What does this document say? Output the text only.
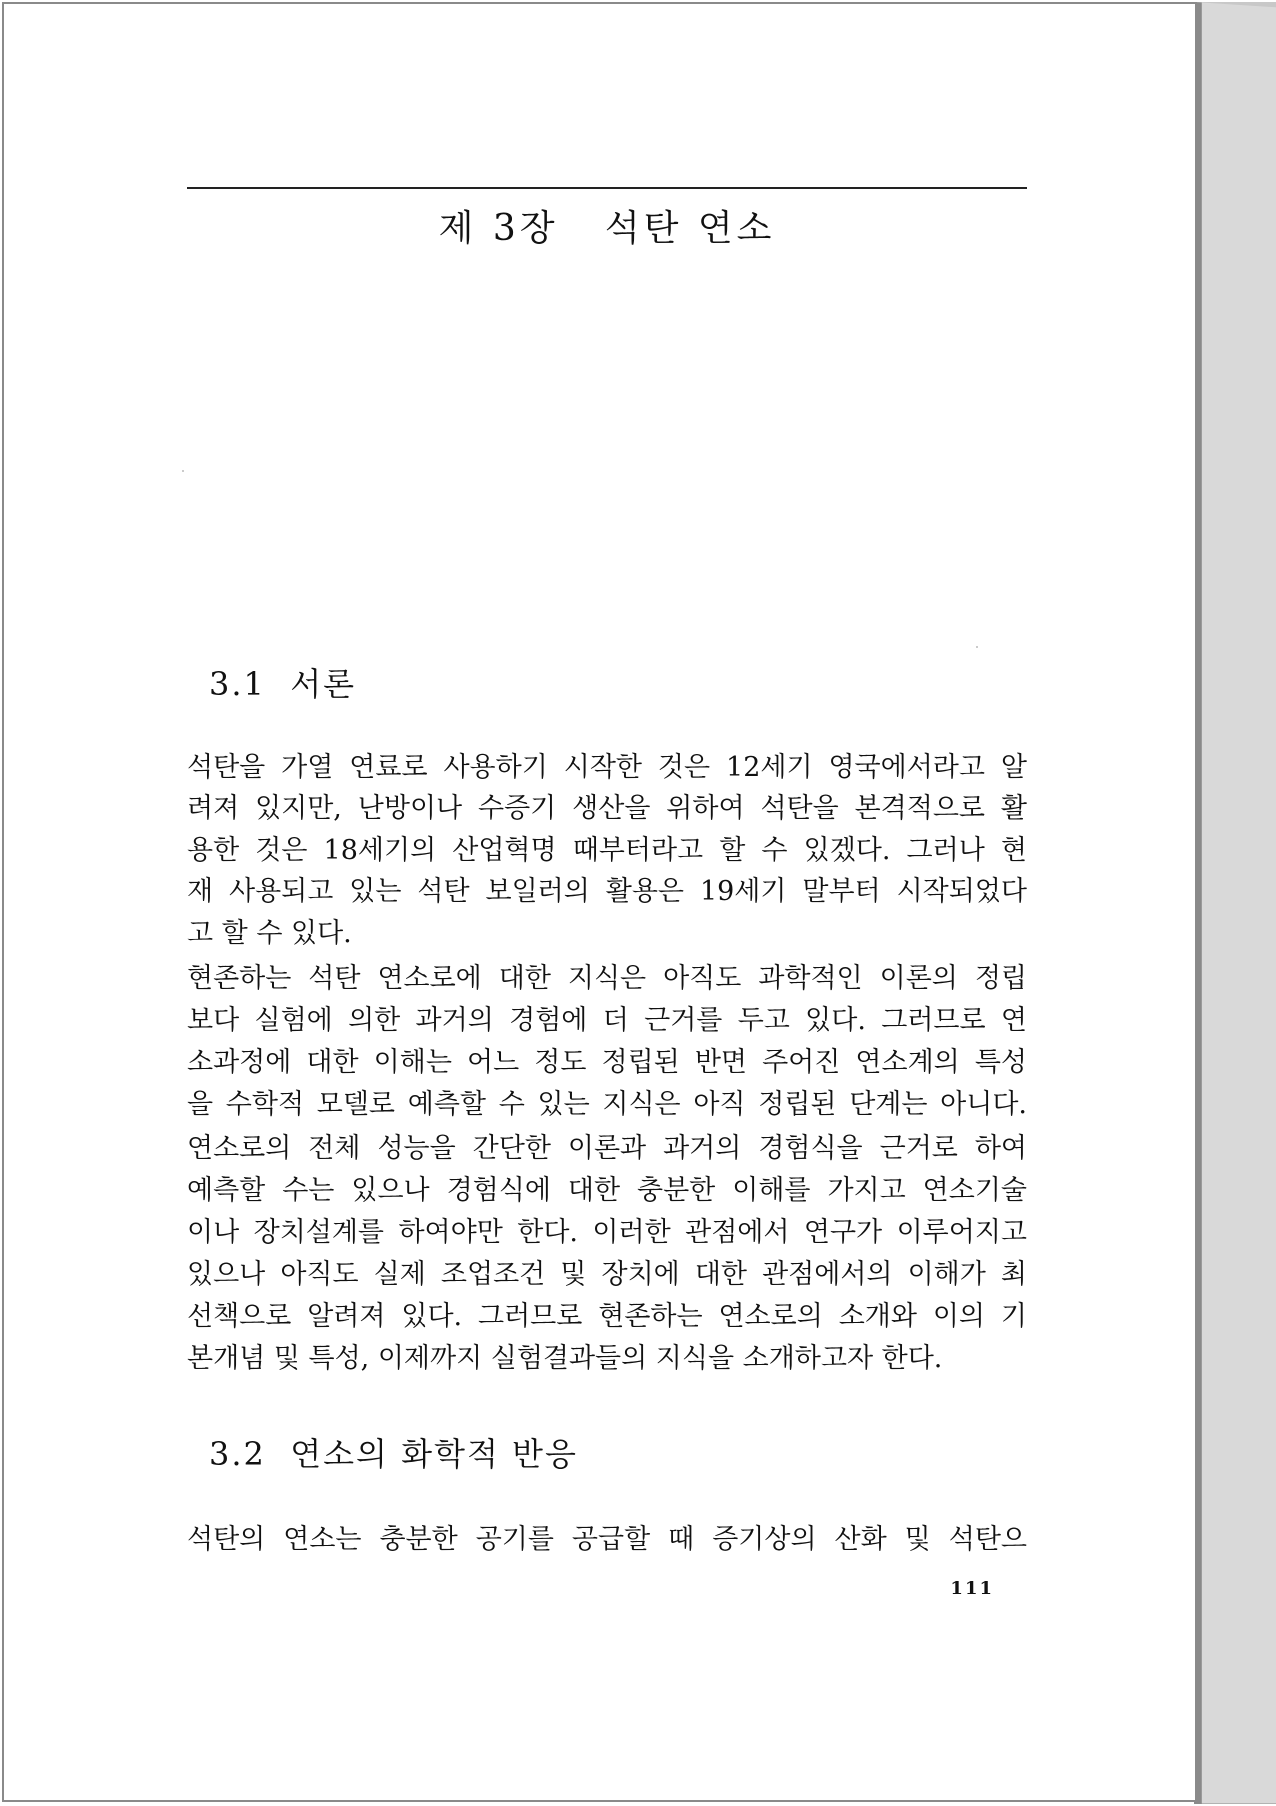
제 3장   석탄 연소
3.1  서론
석탄을 가열 연료로 사용하기 시작한 것은 12세기 영국에서라고 알
려져 있지만, 난방이나 수증기 생산을 위하여 석탄을 본격적으로 활
용한 것은 18세기의 산업혁명 때부터라고 할 수 있겠다. 그러나 현
재 사용되고 있는 석탄 보일러의 활용은 19세기 말부터 시작되었다
고 할 수 있다.
현존하는 석탄 연소로에 대한 지식은 아직도 과학적인 이론의 정립
보다 실험에 의한 과거의 경험에 더 근거를 두고 있다. 그러므로 연
소과정에 대한 이해는 어느 정도 정립된 반면 주어진 연소계의 특성
을 수학적 모델로 예측할 수 있는 지식은 아직 정립된 단계는 아니다.
연소로의 전체 성능을 간단한 이론과 과거의 경험식을 근거로 하여
예측할 수는 있으나 경험식에 대한 충분한 이해를 가지고 연소기술
이나 장치설계를 하여야만 한다. 이러한 관점에서 연구가 이루어지고
있으나 아직도 실제 조업조건 및 장치에 대한 관점에서의 이해가 최
선책으로 알려져 있다. 그러므로 현존하는 연소로의 소개와 이의 기
본개념 및 특성, 이제까지 실험결과들의 지식을 소개하고자 한다.
3.2  연소의 화학적 반응
석탄의 연소는 충분한 공기를 공급할 때 증기상의 산화 및 석탄으
111
